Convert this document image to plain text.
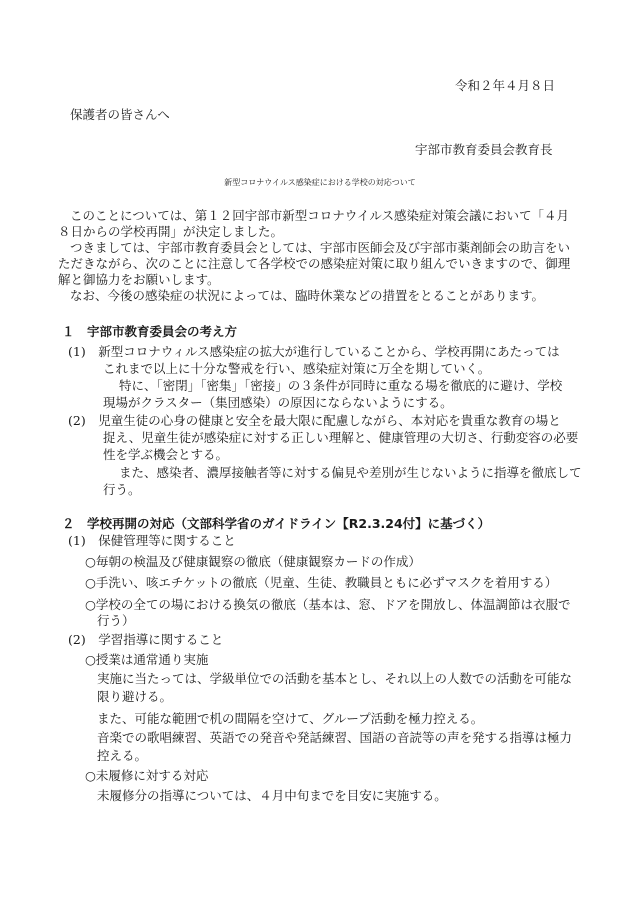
令和２年４月８日
保護者の皆さんへ
宇部市教育委員会教育長
新型コロナウイルス感染症における学校の対応ついて
このことについては、第１２回宇部市新型コロナウイルス感染症対策会議において「４月
８日からの学校再開」が決定しました。
つきましては、宇部市教育委員会としては、宇部市医師会及び宇部市薬剤師会の助言をい
ただきながら、次のことに注意して各学校での感染症対策に取り組んでいきますので、御理
解と御協力をお願いします。
なお、今後の感染症の状況によっては、臨時休業などの措置をとることがあります。
１　宇部市教育委員会の考え方
(1)　新型コロナウィルス感染症の拡大が進行していることから、学校再開にあたっては
これまで以上に十分な警戒を行い、感染症対策に万全を期していく。
特に、「密閉」「密集」「密接」の３条件が同時に重なる場を徹底的に避け、学校
現場がクラスター（集団感染）の原因にならないようにする。
(2)　児童生徒の心身の健康と安全を最大限に配慮しながら、本対応を貴重な教育の場と
捉え、児童生徒が感染症に対する正しい理解と、健康管理の大切さ、行動変容の必要
性を学ぶ機会とする。
また、感染者、濃厚接触者等に対する偏見や差別が生じないように指導を徹底して
行う。
２　学校再開の対応（文部科学省のガイドライン【R2.3.24付】に基づく）
(1)　保健管理等に関すること
○毎朝の検温及び健康観察の徹底（健康観察カードの作成）
○手洗い、咳エチケットの徹底（児童、生徒、教職員ともに必ずマスクを着用する）
○学校の全ての場における換気の徹底（基本は、窓、ドアを開放し、体温調節は衣服で
行う）
(2)　学習指導に関すること
○授業は通常通り実施
実施に当たっては、学級単位での活動を基本とし、それ以上の人数での活動を可能な
限り避ける。
また、可能な範囲で机の間隔を空けて、グループ活動を極力控える。
音楽での歌唱練習、英語での発音や発話練習、国語の音読等の声を発する指導は極力
控える。
○未履修に対する対応
未履修分の指導については、４月中旬までを目安に実施する。
